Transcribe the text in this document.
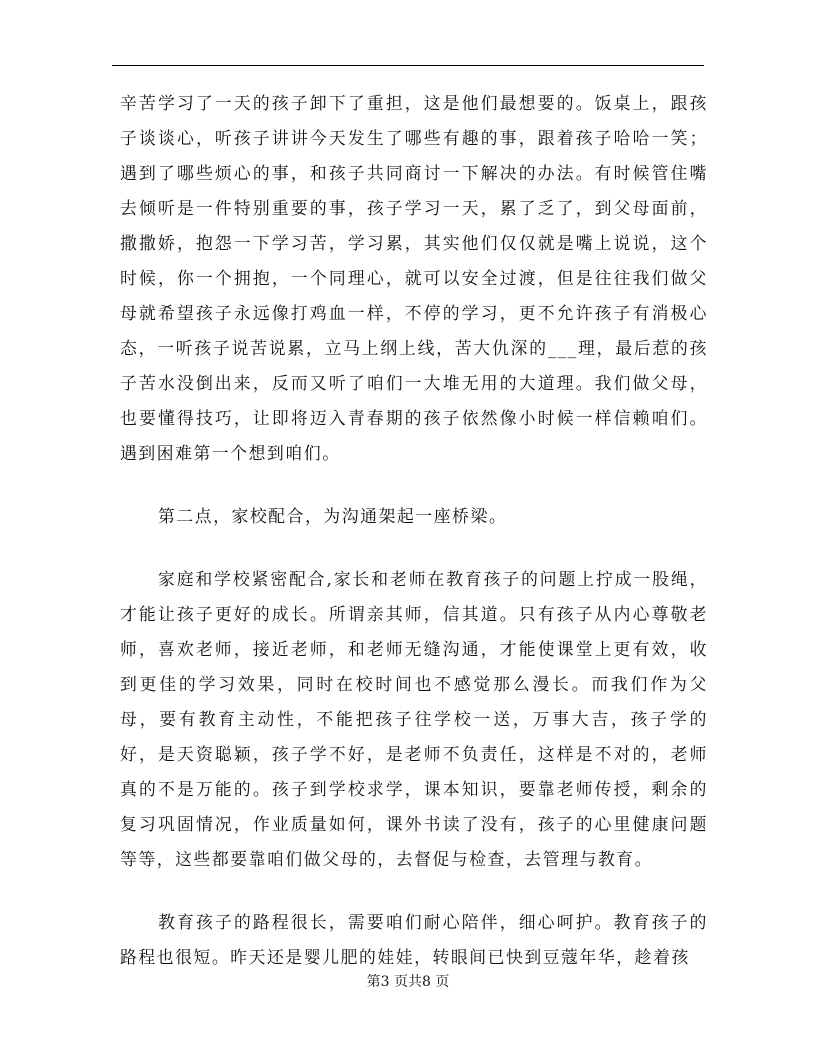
辛苦学习了一天的孩子卸下了重担，这是他们最想要的。饭桌上，跟孩子谈谈心，听孩子讲讲今天发生了哪些有趣的事，跟着孩子哈哈一笑；遇到了哪些烦心的事，和孩子共同商讨一下解决的办法。有时候管住嘴去倾听是一件特别重要的事，孩子学习一天，累了乏了，到父母面前，撒撒娇，抱怨一下学习苦，学习累，其实他们仅仅就是嘴上说说，这个时候，你一个拥抱，一个同理心，就可以安全过渡，但是往往我们做父母就希望孩子永远像打鸡血一样，不停的学习，更不允许孩子有消极心态，一听孩子说苦说累，立马上纲上线，苦大仇深的___理，最后惹的孩子苦水没倒出来，反而又听了咱们一大堆无用的大道理。我们做父母，也要懂得技巧，让即将迈入青春期的孩子依然像小时候一样信赖咱们。遇到困难第一个想到咱们。

第二点，家校配合，为沟通架起一座桥梁。

家庭和学校紧密配合,家长和老师在教育孩子的问题上拧成一股绳，才能让孩子更好的成长。所谓亲其师，信其道。只有孩子从内心尊敬老师，喜欢老师，接近老师，和老师无缝沟通，才能使课堂上更有效，收到更佳的学习效果，同时在校时间也不感觉那么漫长。而我们作为父母，要有教育主动性，不能把孩子往学校一送，万事大吉，孩子学的好，是天资聪颖，孩子学不好，是老师不负责任，这样是不对的，老师真的不是万能的。孩子到学校求学，课本知识，要靠老师传授，剩余的复习巩固情况，作业质量如何，课外书读了没有，孩子的心里健康问题等等，这些都要靠咱们做父母的，去督促与检查，去管理与教育。

教育孩子的路程很长，需要咱们耐心陪伴，细心呵护。教育孩子的路程也很短。昨天还是婴儿肥的娃娃，转眼间已快到豆蔻年华，趁着孩

第3 页共8 页
